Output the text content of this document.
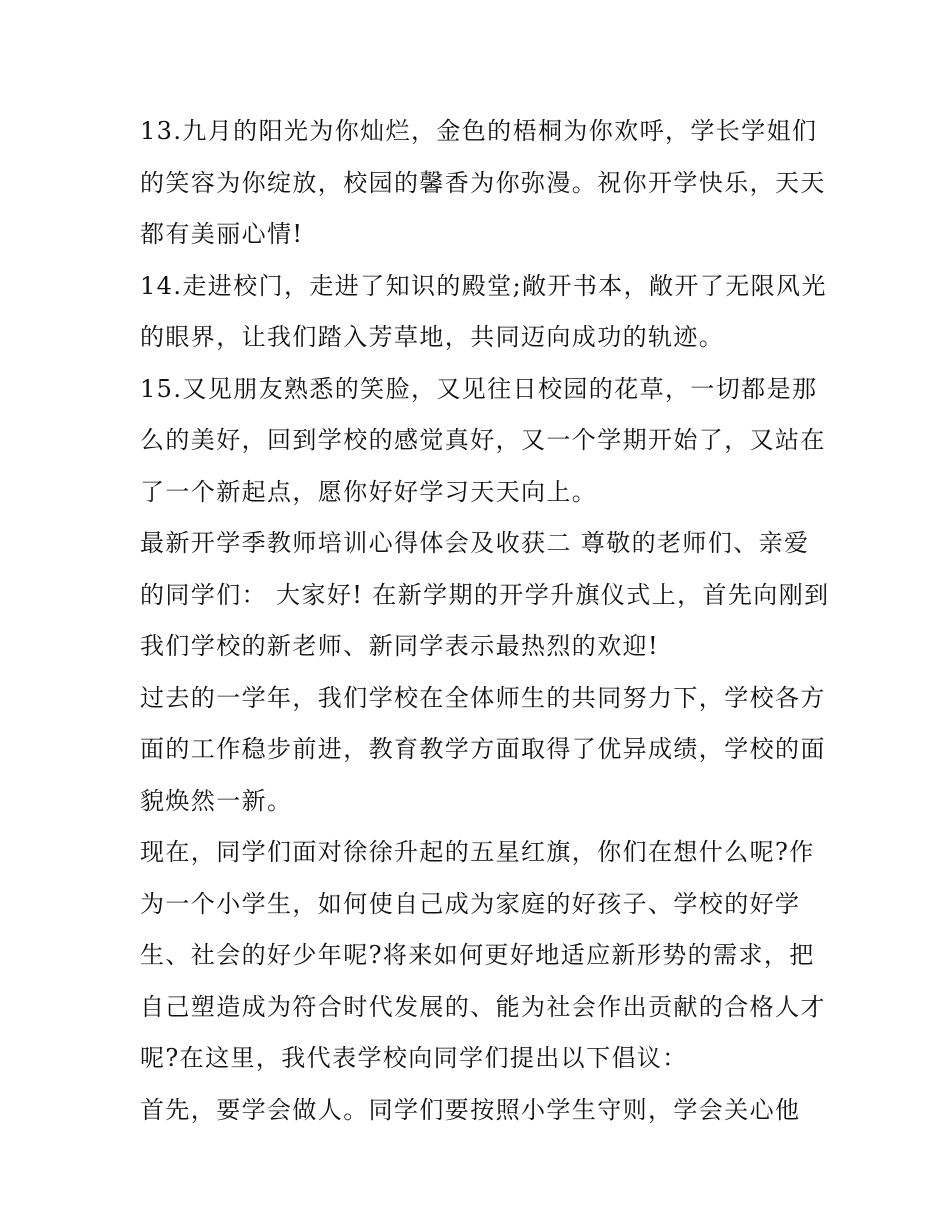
13.九月的阳光为你灿烂，金色的梧桐为你欢呼，学长学姐们
的笑容为你绽放，校园的馨香为你弥漫。祝你开学快乐，天天
都有美丽心情!

14.走进校门，走进了知识的殿堂;敞开书本，敞开了无限风光
的眼界，让我们踏入芳草地，共同迈向成功的轨迹。

15.又见朋友熟悉的笑脸，又见往日校园的花草，一切都是那
么的美好，回到学校的感觉真好，又一个学期开始了，又站在
了一个新起点，愿你好好学习天天向上。

最新开学季教师培训心得体会及收获二 尊敬的老师们、亲爱
的同学们： 大家好! 在新学期的开学升旗仪式上，首先向刚到
我们学校的新老师、新同学表示最热烈的欢迎!

过去的一学年，我们学校在全体师生的共同努力下，学校各方
面的工作稳步前进，教育教学方面取得了优异成绩，学校的面
貌焕然一新。

现在，同学们面对徐徐升起的五星红旗，你们在想什么呢?作
为一个小学生，如何使自己成为家庭的好孩子、学校的好学
生、社会的好少年呢?将来如何更好地适应新形势的需求，把
自己塑造成为符合时代发展的、能为社会作出贡献的合格人才
呢?在这里，我代表学校向同学们提出以下倡议：

首先，要学会做人。同学们要按照小学生守则，学会关心他
